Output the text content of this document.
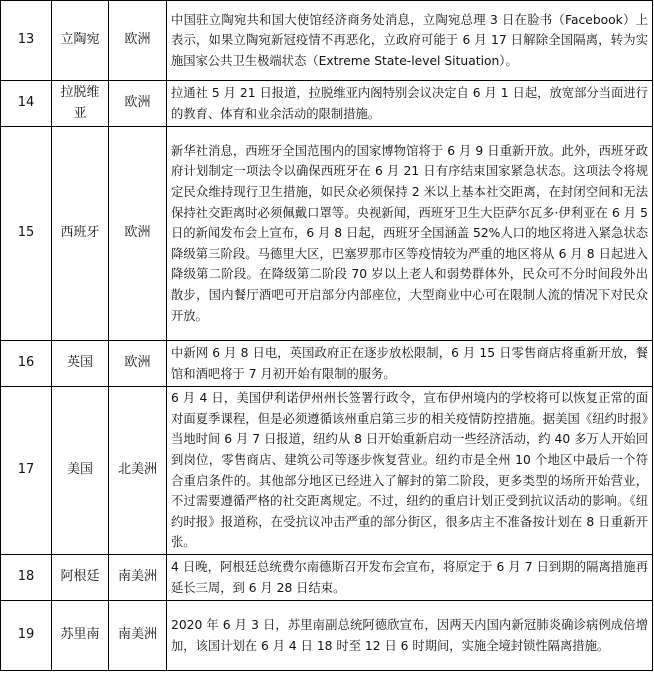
13	立陶宛	欧洲	中国驻立陶宛共和国大使馆经济商务处消息，立陶宛总理 3 日在脸书（Facebook）上表示，如果立陶宛新冠疫情不再恶化，立政府可能于 6 月 17 日解除全国隔离，转为实施国家公共卫生极端状态（Extreme State-level Situation）。
14	拉脱维亚	欧洲	拉通社 5 月 21 日报道，拉脱维亚内阁特别会议决定自 6 月 1 日起，放宽部分当面进行的教育、体育和业余活动的限制措施。
15	西班牙	欧洲	新华社消息，西班牙全国范围内的国家博物馆将于 6 月 9 日重新开放。此外，西班牙政府计划制定一项法令以确保西班牙在 6 月 21 日有序结束国家紧急状态。这项法令将规定民众维持现行卫生措施，如民众必须保持 2 米以上基本社交距离，在封闭空间和无法保持社交距离时必须佩戴口罩等。央视新闻，西班牙卫生大臣萨尔瓦多·伊利亚在 6 月 5 日的新闻发布会上宣布，6 月 8 日起，西班牙全国涵盖 52%人口的地区将进入紧急状态降级第三阶段。马德里大区，巴塞罗那市区等疫情较为严重的地区将从 6 月 8 日起进入降级第二阶段。在降级第二阶段 70 岁以上老人和弱势群体外，民众可不分时间段外出散步，国内餐厅酒吧可开启部分内部座位，大型商业中心可在限制人流的情况下对民众开放。
16	英国	欧洲	中新网 6 月 8 日电，英国政府正在逐步放松限制，6 月 15 日零售商店将重新开放，餐馆和酒吧将于 7 月初开始有限制的服务。
17	美国	北美洲	6 月 4 日，美国伊利诺伊州州长签署行政令，宣布伊州境内的学校将可以恢复正常的面对面夏季课程，但是必须遵循该州重启第三步的相关疫情防控措施。据美国《纽约时报》当地时间 6 月 7 日报道，纽约从 8 日开始重新启动一些经济活动，约 40 多万人开始回到岗位，零售商店、建筑公司等逐步恢复营业。纽约市是全州 10 个地区中最后一个符合重启条件的。其他部分地区已经进入了解封的第二阶段，更多类型的场所开始营业，不过需要遵循严格的社交距离规定。不过，纽约的重启计划正受到抗议活动的影响。《纽约时报》报道称，在受抗议冲击严重的部分街区，很多店主不准备按计划在 8 日重新开张。
18	阿根廷	南美洲	4 日晚，阿根廷总统费尔南德斯召开发布会宣布，将原定于 6 月 7 日到期的隔离措施再延长三周，到 6 月 28 日结束。
19	苏里南	南美洲	2020 年 6 月 3 日，苏里南副总统阿德欣宣布，因两天内国内新冠肺炎确诊病例成倍增加，该国计划在 6 月 4 日 18 时至 12 日 6 时期间，实施全境封锁性隔离措施。
